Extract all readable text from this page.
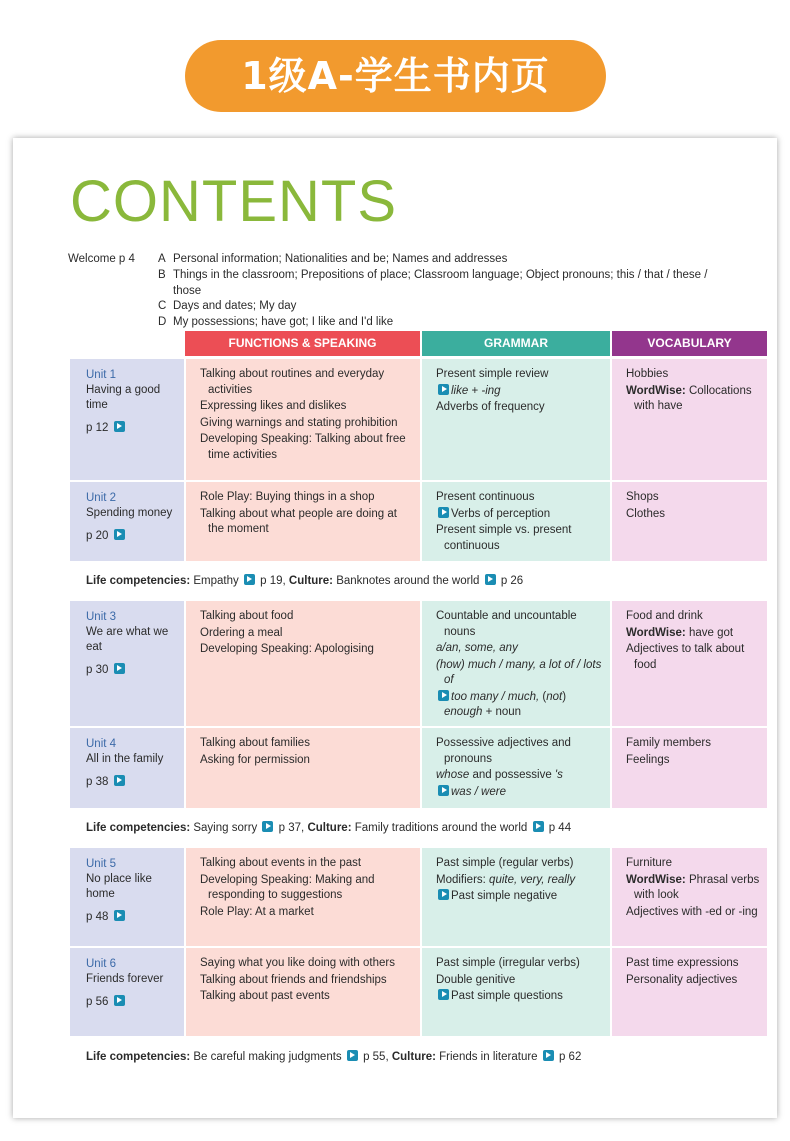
1级A-学生书内页
CONTENTS
Welcome p 4 A Personal information; Nationalities and be; Names and addresses
B Things in the classroom; Prepositions of place; Classroom language; Object pronouns; this / that / these / those
C Days and dates; My day
D My possessions; have got; I like and I'd like
FUNCTIONS & SPEAKING	GRAMMAR	VOCABULARY
Unit 1
Having a good time
p 12

Talking about routines and everyday activities

Expressing likes and dislikes

Giving warnings and stating prohibition

Developing Speaking: Talking about free time activities

Present simple review

like + -ing

Adverbs of frequency

Hobbies

WordWise: Collocations with have

Unit 2
Spending money
p 20

Role Play: Buying things in a shop

Talking about what people are doing at the moment

Present continuous

Verbs of perception

Present simple vs. present continuous

Shops

Clothes

Unit 3
We are what we eat
p 30

Talking about food

Ordering a meal

Developing Speaking: Apologising

Countable and uncountable nouns

a/an, some, any

(how) much / many, a lot of / lots of

too many / much, (not) enough + noun

Food and drink

WordWise: have got

Adjectives to talk about food

Unit 4
All in the family
p 38

Talking about families

Asking for permission

Possessive adjectives and pronouns

whose and possessive 's

was / were

Family members

Feelings

Unit 5
No place like home
p 48

Talking about events in the past

Developing Speaking: Making and responding to suggestions

Role Play: At a market

Past simple (regular verbs)

Modifiers: quite, very, really

Past simple negative

Furniture

WordWise: Phrasal verbs with look

Adjectives with -ed or -ing

Unit 6
Friends forever
p 56

Saying what you like doing with others

Talking about friends and friendships

Talking about past events

Past simple (irregular verbs)

Double genitive

Past simple questions

Past time expressions

Personality adjectives

Life competencies: Empathy  p 19, Culture: Banknotes around the world  p 26
Life competencies: Saying sorry  p 37, Culture: Family traditions around the world  p 44
Life competencies: Be careful making judgments  p 55, Culture: Friends in literature  p 62
